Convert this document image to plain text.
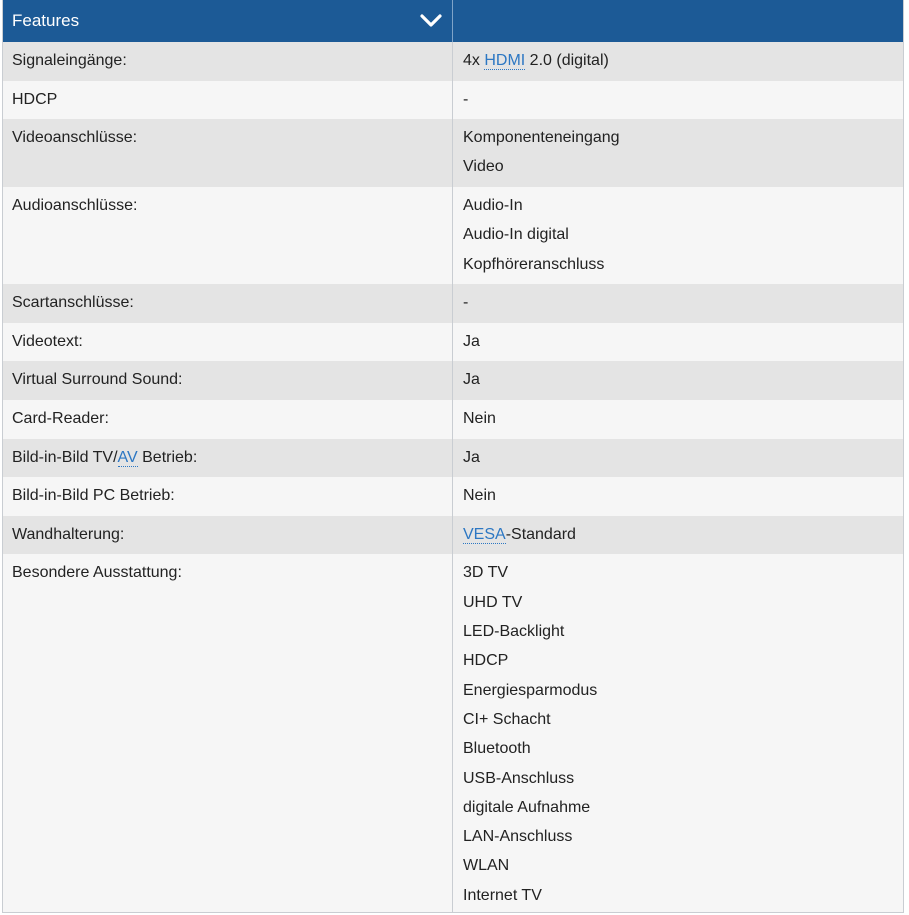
Features
Signaleingänge:	4x HDMI 2.0 (digital)
HDCP	-
Videoanschlüsse:	Komponenteneingang
Video
Audioanschlüsse:	Audio-In
Audio-In digital
Kopfhöreranschluss
Scartanschlüsse:	-
Videotext:	Ja
Virtual Surround Sound:	Ja
Card-Reader:	Nein
Bild-in-Bild TV/AV Betrieb:	Ja
Bild-in-Bild PC Betrieb:	Nein
Wandhalterung:	VESA-Standard
Besondere Ausstattung:	3D TV
UHD TV
LED-Backlight
HDCP
Energiesparmodus
CI+ Schacht
Bluetooth
USB-Anschluss
digitale Aufnahme
LAN-Anschluss
WLAN
Internet TV
